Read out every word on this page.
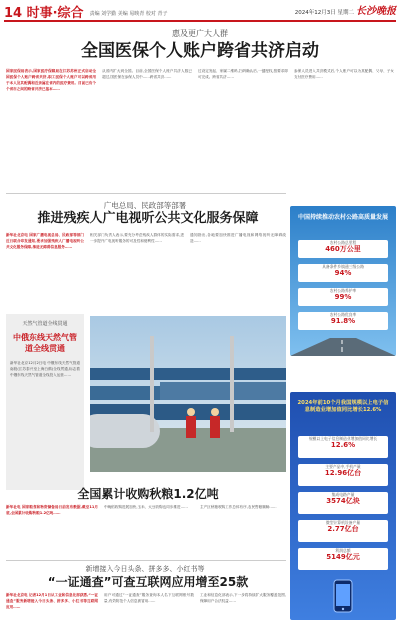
14 时事·综合 责编 刘学勤 美编 易映青 校对 青子	2024年12月3日 星期二 长沙晚报
惠及更广大人群
全国医保个人账户跨省共济启动
国家医保局表示,国家医疗保障局在江苏苏州正式启动全国医保个人账户跨省共济,职工医保个人账户可以跨省用于本人及其配偶和近亲属在省内的医疗费用。目前已有个个省市之间的跨省共济已基本……
从省内扩大到全国。目前,全国医保个人账户共济人数已超过,国医保在参保人员中……跨省共济……
过设定发起、家属二维码,扫码确认后,一键授权,按要求即可完成。跨省共济……
参保人员进入共济模式后,个人账户可以为其配偶、父母、子女支付医疗费用……
广电总局、民政部等部署
推进残疾人广电视听公共文化服务保障
新华社北京电 国家广播电视总局、民政部等部门近日联合印发通知,要求加强残疾人广播电视听公共文化服务保障,推进无障碍信息服务……
相关部门负责人表示,要充分考虑残疾人群体的实际需求,进一步提升广电视听服务的可及性和便利性……
通知指出,各地要加快推进广播电视和网络视听无障碍改造……
天然气管道全线贯通
中俄东线天然气管道全线贯通
新华社北京12月2日电 中俄东线天然气管道南段(江苏泰兴至上海白鹤)全线贯通,标志着中俄东线天然气管道全线投入运营……
全国累计收购秋粮1.2亿吨
新华社电 国家粮食和物资储备局日前发布数据,截至11月底,全国累计收购秋粮1.2亿吨……
中晚稻收购进展加快,玉米、大豆收购也同步推进……	主产区秋粮收购工作总体有序,农民售粮顺畅……
新增接入今日头条、拼多多、小红书等
“一证通查”可查互联网应用增至25款
新华社北京电 记者12月1日从工业和信息化部获悉,“一证通查”服务新增接入今日头条、拼多多、小红书等互联网应用……
用户可通过“一证通查”服务查询本人名下互联网账号数量,有效防范个人信息被冒用……
工业和信息化部表示,下一步将持续扩大服务覆盖范围,保障用户合法权益……
中国持续推动农村公路高质量发展
农村公路总里程
460万公里
具备条件乡镇通三级公路
94%
农村公路养护率
99%
农村公路优良率
91.8%
2024年前10个月我国规模以上电子信息制造业增加值同比增长12.6%
规模以上电子信息制造业增加值同比增长
12.6%
主要产品中,手机产量
12.96亿台
集成电路产量
3574亿块
微型计算机设备产量
2.77亿台
利润总额
5149亿元
